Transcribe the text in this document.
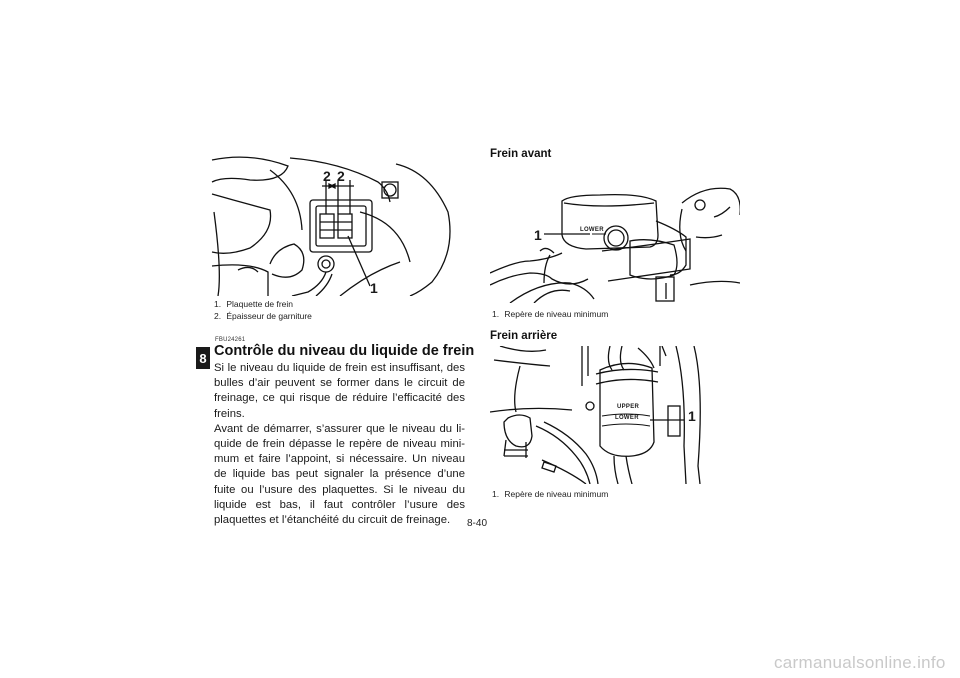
8
2 2
1
1. Plaquette de frein
2. Épaisseur de garniture
FBU24261
Contrôle du niveau du liquide de frein

Si le niveau du liquide de frein est insuffisant, des bulles d’air peuvent se former dans le circuit de freinage, ce qui risque de réduire l’efficacité des freins.

Avant de démarrer, s’assurer que le niveau du li- quide de frein dépasse le repère de niveau mini- mum et faire l’appoint, si nécessaire. Un niveau de liquide bas peut signaler la présence d’une fuite ou l’usure des plaquettes. Si le niveau du liquide est bas, il faut contrôler l’usure des plaquettes et l’étanchéité du circuit de freinage.

Frein avant
LOWER
1
1. Repère de niveau minimum
Frein arrière
UPPER
LOWER	1
1. Repère de niveau minimum
8-40
carmanualsonline.info
